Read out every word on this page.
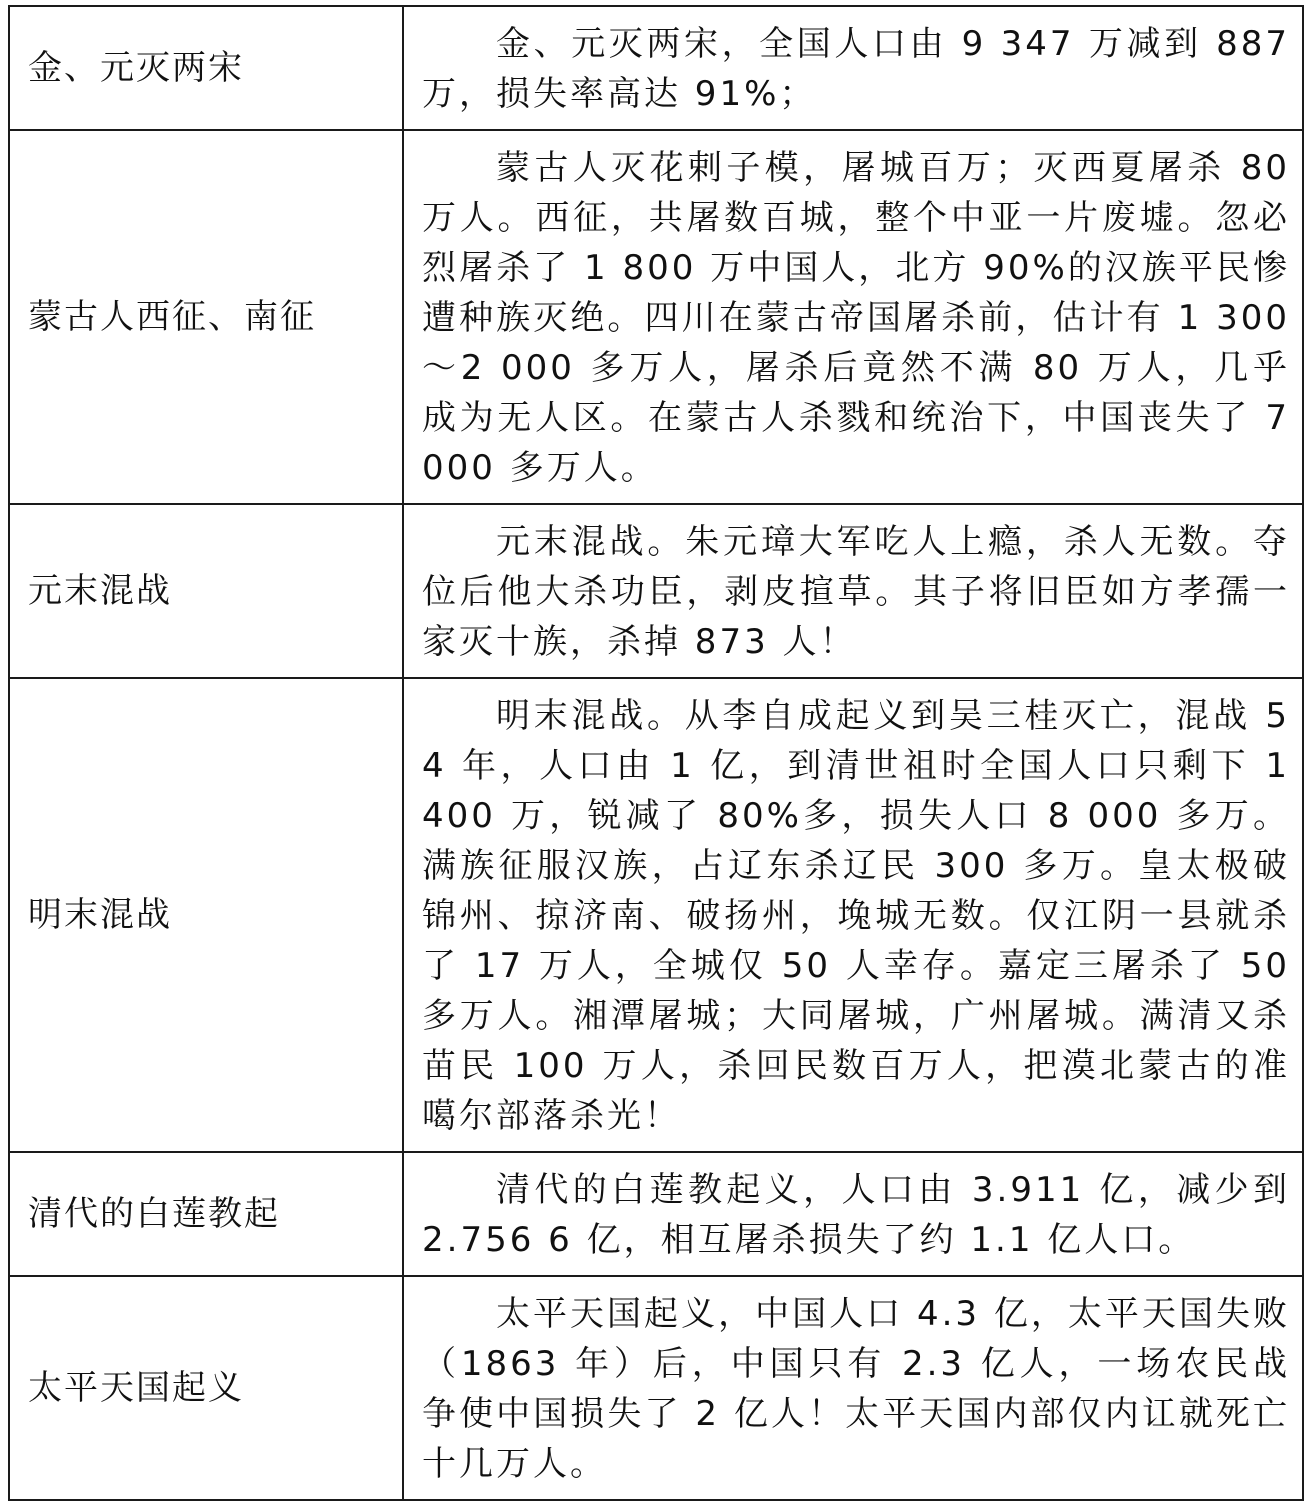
金、元灭两宋	金、元灭两宋，全国人口由 9 347 万减到 887 万，损失率高达 91%；
蒙古人西征、南征	蒙古人灭花剌子模，屠城百万；灭西夏屠杀 80 万人。西征，共屠数百城，整个中亚一片废墟。忽必烈屠杀了 1 800 万中国人，北方 90%的汉族平民惨遭种族灭绝。四川在蒙古帝国屠杀前，估计有 1 300～2 000 多万人，屠杀后竟然不满 80 万人，几乎成为无人区。在蒙古人杀戮和统治下，中国丧失了 7 000 多万人。
元末混战	元末混战。朱元璋大军吃人上瘾，杀人无数。夺位后他大杀功臣，剥皮揎草。其子将旧臣如方孝孺一家灭十族，杀掉 873 人！
明末混战	明末混战。从李自成起义到吴三桂灭亡，混战 54 年，人口由 1 亿，到清世祖时全国人口只剩下 1 400 万，锐减了 80%多，损失人口 8 000 多万。满族征服汉族，占辽东杀辽民 300 多万。皇太极破锦州、掠济南、破扬州，堍城无数。仅江阴一县就杀了 17 万人，全城仅 50 人幸存。嘉定三屠杀了 50 多万人。湘潭屠城；大同屠城，广州屠城。满清又杀苗民 100 万人，杀回民数百万人，把漠北蒙古的准噶尔部落杀光！
清代的白莲教起	清代的白莲教起义，人口由 3.911 亿，减少到 2.756 6 亿，相互屠杀损失了约 1.1 亿人口。
太平天国起义	太平天国起义，中国人口 4.3 亿，太平天国失败（1863 年）后，中国只有 2.3 亿人，一场农民战争使中国损失了 2 亿人！太平天国内部仅内讧就死亡十几万人。
